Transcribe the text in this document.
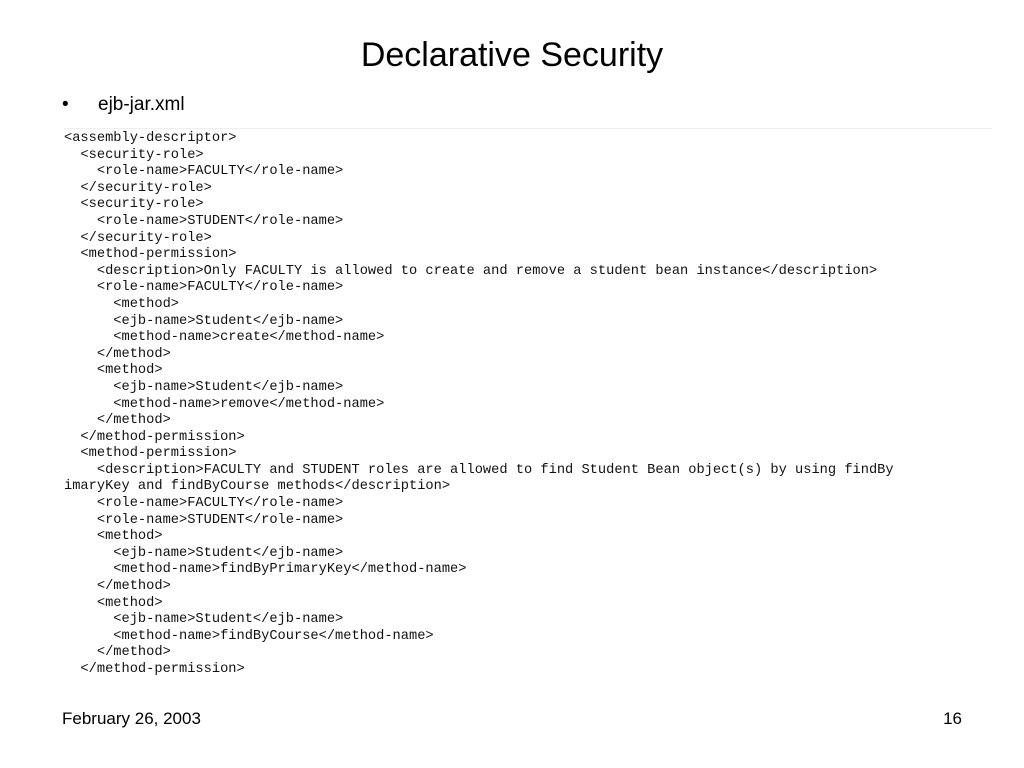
Declarative Security
• ejb-jar.xml
<assembly-descriptor>
<security-role>
<role-name>FACULTY</role-name>
</security-role>
<security-role>
<role-name>STUDENT</role-name>
</security-role>
<method-permission>
<description>Only FACULTY is allowed to create and remove a student bean instance</description>
<role-name>FACULTY</role-name>
<method>
<ejb-name>Student</ejb-name>
<method-name>create</method-name>
</method>
<method>
<ejb-name>Student</ejb-name>
<method-name>remove</method-name>
</method>
</method-permission>
<method-permission>
<description>FACULTY and STUDENT roles are allowed to find Student Bean object(s) by using findBy
imaryKey and findByCourse methods</description>
<role-name>FACULTY</role-name>
<role-name>STUDENT</role-name>
<method>
<ejb-name>Student</ejb-name>
<method-name>findByPrimaryKey</method-name>
</method>
<method>
<ejb-name>Student</ejb-name>
<method-name>findByCourse</method-name>
</method>
</method-permission>
February 26, 2003	16
